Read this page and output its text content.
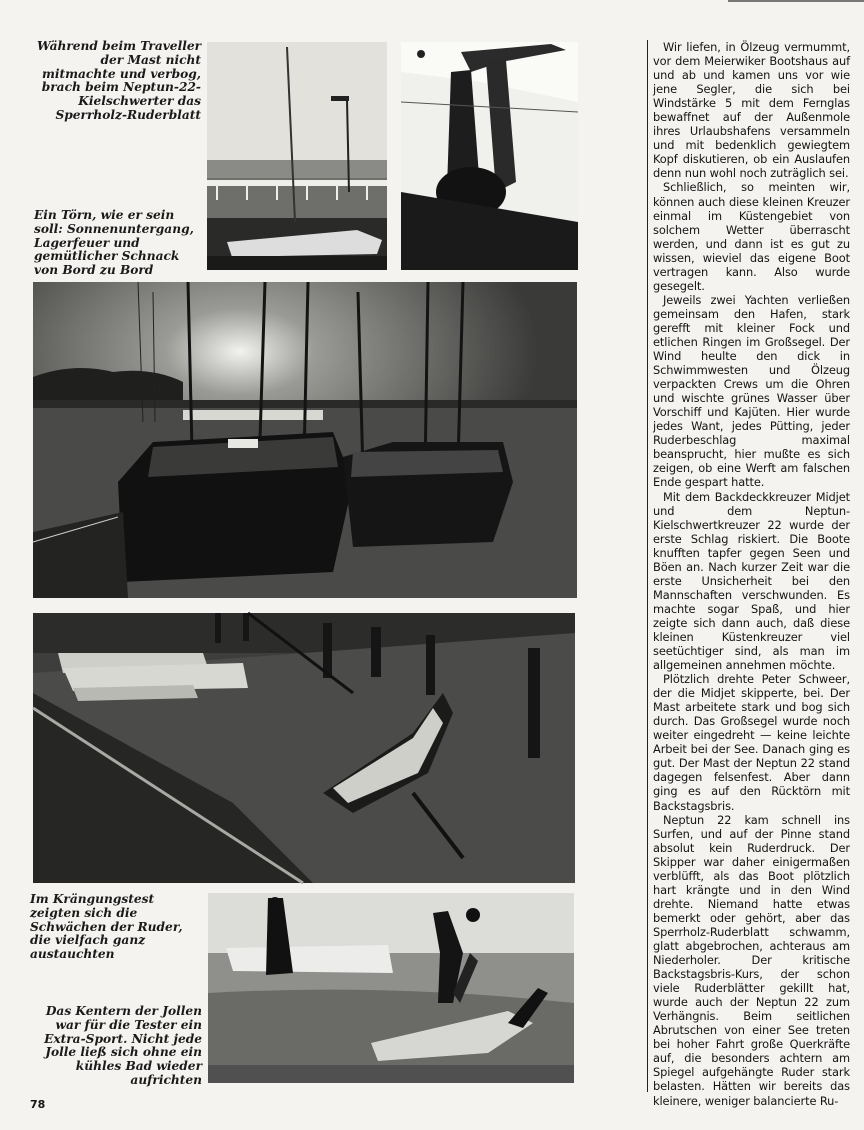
Während beim Traveller der Mast nicht mitmachte und verbog, brach beim Neptun-22-Kielschwerter das Sperrholz-Ruderblatt
Ein Törn, wie er sein soll: Sonnenuntergang, Lagerfeuer und gemütlicher Schnack von Bord zu Bord
Im Krängungstest zeigten sich die Schwächen der Ruder, die vielfach ganz austauchten
Das Kentern der Jollen war für die Tester ein Extra-Sport. Nicht jede Jolle ließ sich ohne ein kühles Bad wieder aufrichten

Wir liefen, in Ölzeug vermummt, vor dem Meierwiker Bootshaus auf und ab und kamen uns vor wie jene Segler, die sich bei Windstärke 5 mit dem Fernglas bewaffnet auf der Außenmole ihres Urlaubshafens versammeln und mit bedenklich gewiegtem Kopf diskutieren, ob ein Auslaufen denn nun wohl noch zuträglich sei.

Schließlich, so meinten wir, können auch diese kleinen Kreuzer einmal im Küstengebiet von solchem Wetter überrascht werden, und dann ist es gut zu wissen, wieviel das eigene Boot vertragen kann. Also wurde gesegelt.

Jeweils zwei Yachten verließen gemeinsam den Hafen, stark gerefft mit kleiner Fock und etlichen Ringen im Großsegel. Der Wind heulte den dick in Schwimmwesten und Ölzeug verpackten Crews um die Ohren und wischte grünes Wasser über Vorschiff und Kajüten. Hier wurde jedes Want, jedes Pütting, jeder Ruderbeschlag maximal beansprucht, hier mußte es sich zeigen, ob eine Werft am falschen Ende gespart hatte.

Mit dem Backdeckkreuzer Midjet und dem Neptun-Kielschwertkreuzer 22 wurde der erste Schlag riskiert. Die Boote knufften tapfer gegen Seen und Böen an. Nach kurzer Zeit war die erste Unsicherheit bei den Mannschaften verschwunden. Es machte sogar Spaß, und hier zeigte sich dann auch, daß diese kleinen Küstenkreuzer viel seetüchtiger sind, als man im allgemeinen annehmen möchte.

Plötzlich drehte Peter Schweer, der die Midjet skipperte, bei. Der Mast arbeitete stark und bog sich durch. Das Großsegel wurde noch weiter eingedreht — keine leichte Arbeit bei der See. Danach ging es gut. Der Mast der Neptun 22 stand dagegen felsenfest. Aber dann ging es auf den Rücktörn mit Backstagsbris.

Neptun 22 kam schnell ins Surfen, und auf der Pinne stand absolut kein Ruderdruck. Der Skipper war daher einigermaßen verblüfft, als das Boot plötzlich hart krängte und in den Wind drehte. Niemand hatte etwas bemerkt oder gehört, aber das Sperrholz-Ruderblatt schwamm, glatt abgebrochen, achteraus am Niederholer. Der kritische Backstagsbris-Kurs, der schon viele Ruderblätter gekillt hat, wurde auch der Neptun 22 zum Verhängnis. Beim seitlichen Abrutschen von einer See treten bei hoher Fahrt große Querkräfte auf, die besonders achtern am Spiegel aufgehängte Ruder stark belasten. Hätten wir bereits das kleinere, weniger balancierte Ru-

78
